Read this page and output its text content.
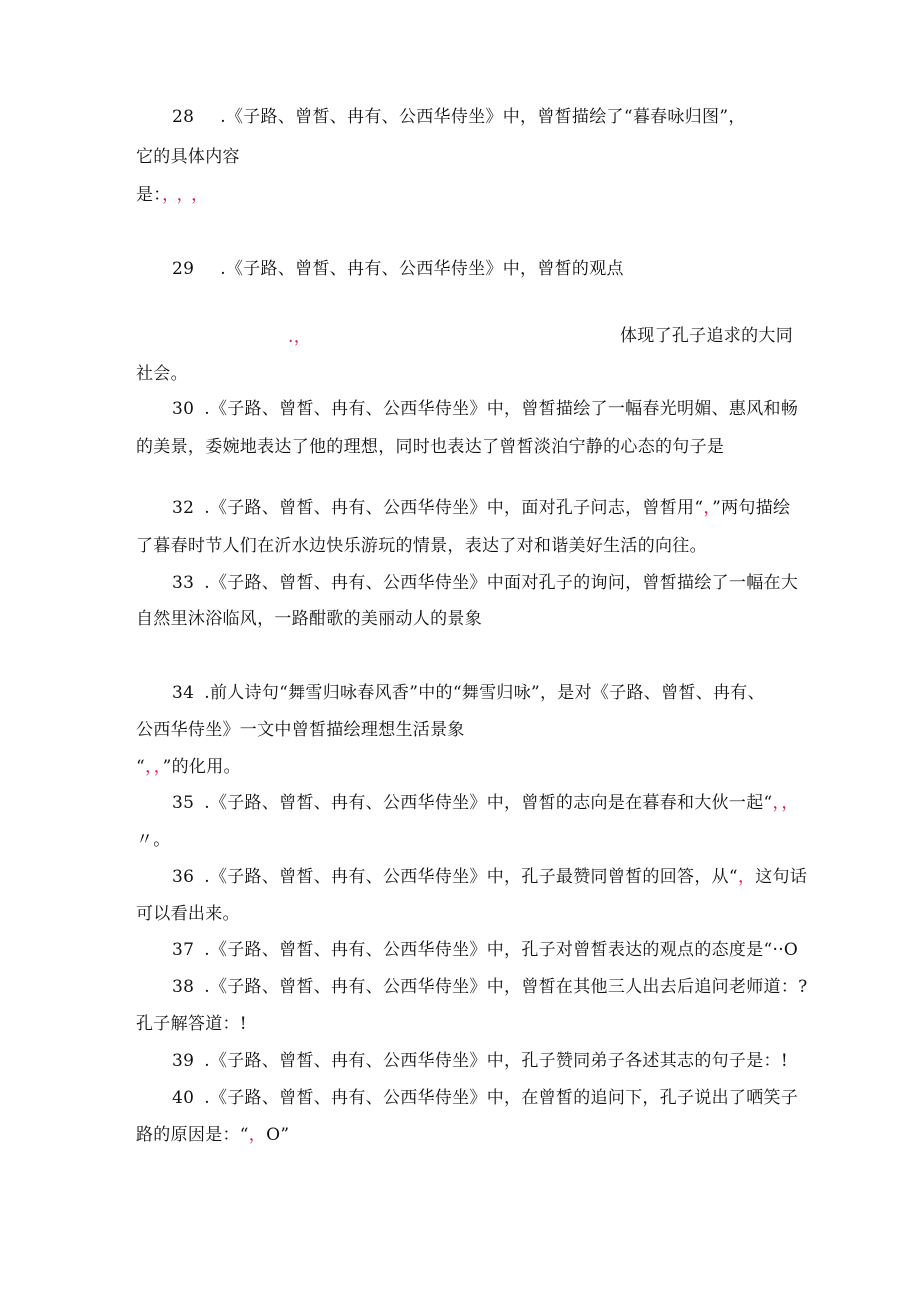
28 .《子路、曾皙、冉有、公西华侍坐》中，曾皙描绘了“暮春咏归图”，
它的具体内容
是：，，，
29 .《子路、曾皙、冉有、公西华侍坐》中，曾皙的观点
.，	体现了孔子追求的大同
社会。
30 .《子路、曾皙、冉有、公西华侍坐》中，曾皙描绘了一幅春光明媚、惠风和畅
的美景，委婉地表达了他的理想，同时也表达了曾皙淡泊宁静的心态的句子是
32 .《子路、曾皙、冉有、公西华侍坐》中，面对孔子问志，曾皙用“，”两句描绘
了暮春时节人们在沂水边快乐游玩的情景，表达了对和谐美好生活的向往。
33 .《子路、曾皙、冉有、公西华侍坐》中面对孔子的询问，曾皙描绘了一幅在大
自然里沐浴临风，一路酣歌的美丽动人的景象
34 .前人诗句“舞雪归咏春风香”中的“舞雪归咏”，是对《子路、曾皙、冉有、
公西华侍坐》一文中曾皙描绘理想生活景象
“，，”的化用。
35 .《子路、曾皙、冉有、公西华侍坐》中，曾皙的志向是在暮春和大伙一起“，，
〃。
36 .《子路、曾皙、冉有、公西华侍坐》中，孔子最赞同曾皙的回答，从“，这句话
可以看出来。
37 .《子路、曾皙、冉有、公西华侍坐》中，孔子对曾皙表达的观点的态度是“··O
38 .《子路、曾皙、冉有、公西华侍坐》中，曾皙在其他三人出去后追问老师道：?
孔子解答道：!
39 .《子路、曾皙、冉有、公西华侍坐》中，孔子赞同弟子各述其志的句子是：!
40 .《子路、曾皙、冉有、公西华侍坐》中，在曾皙的追问下，孔子说出了哂笑子
路的原因是：“，O”
